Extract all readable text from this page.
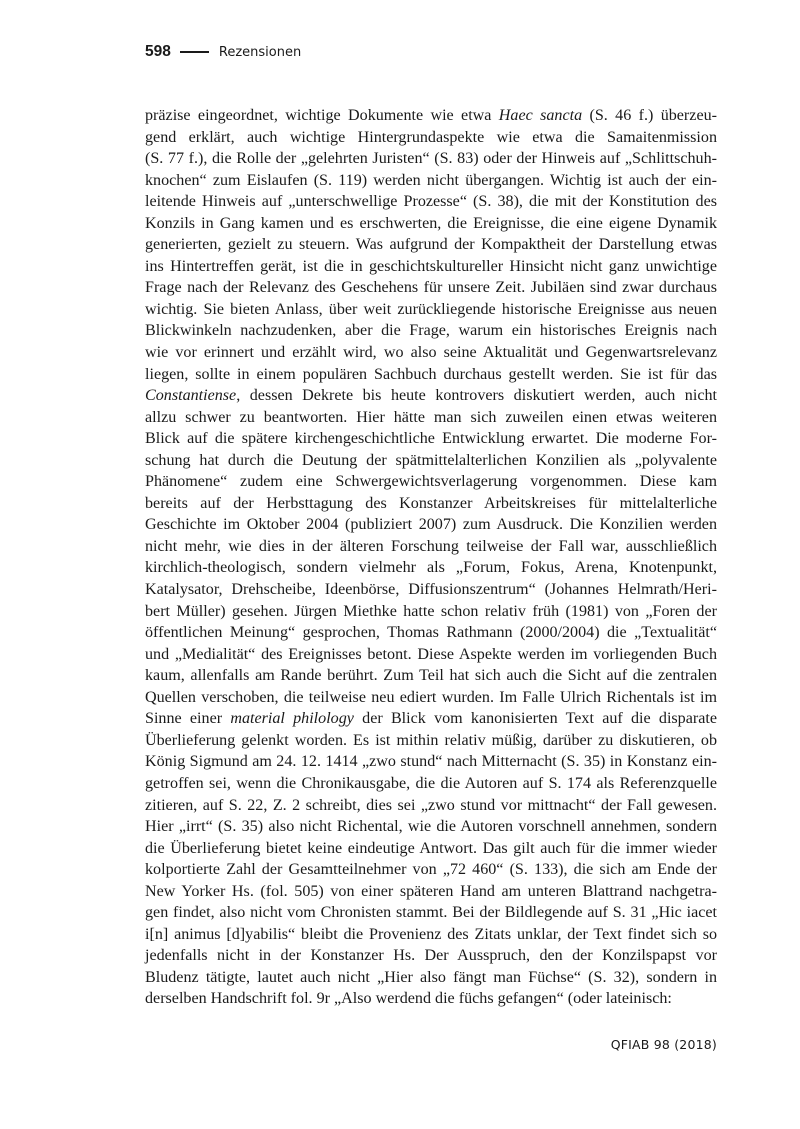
598	Rezensionen
präzise eingeordnet, wichtige Dokumente wie etwa Haec sancta (S. 46 f.) überzeu-
gend erklärt, auch wichtige Hintergrundaspekte wie etwa die Samaitenmission
(S. 77 f.), die Rolle der „gelehrten Juristen“ (S. 83) oder der Hinweis auf „Schlittschuh-
knochen“ zum Eislaufen (S. 119) werden nicht übergangen. Wichtig ist auch der ein-
leitende Hinweis auf „unterschwellige Prozesse“ (S. 38), die mit der Konstitution des
Konzils in Gang kamen und es erschwerten, die Ereignisse, die eine eigene Dynamik
generierten, gezielt zu steuern. Was aufgrund der Kompaktheit der Darstellung etwas
ins Hintertreffen gerät, ist die in geschichtskultureller Hinsicht nicht ganz unwichtige
Frage nach der Relevanz des Geschehens für unsere Zeit. Jubiläen sind zwar durchaus
wichtig. Sie bieten Anlass, über weit zurückliegende historische Ereignisse aus neuen
Blickwinkeln nachzudenken, aber die Frage, warum ein historisches Ereignis nach
wie vor erinnert und erzählt wird, wo also seine Aktualität und Gegenwartsrelevanz
liegen, sollte in einem populären Sachbuch durchaus gestellt werden. Sie ist für das
Constantiense, dessen Dekrete bis heute kontrovers diskutiert werden, auch nicht
allzu schwer zu beantworten. Hier hätte man sich zuweilen einen etwas weiteren
Blick auf die spätere kirchengeschichtliche Entwicklung erwartet. Die moderne For-
schung hat durch die Deutung der spätmittelalterlichen Konzilien als „polyvalente
Phänomene“ zudem eine Schwergewichtsverlagerung vorgenommen. Diese kam
bereits auf der Herbsttagung des Konstanzer Arbeitskreises für mittelalterliche
Geschichte im Oktober 2004 (publiziert 2007) zum Ausdruck. Die Konzilien werden
nicht mehr, wie dies in der älteren Forschung teilweise der Fall war, ausschließlich
kirchlich-theologisch, sondern vielmehr als „Forum, Fokus, Arena, Knotenpunkt,
Katalysator, Drehscheibe, Ideenbörse, Diffusionszentrum“ (Johannes Helmrath/Heri-
bert Müller) gesehen. Jürgen Miethke hatte schon relativ früh (1981) von „Foren der
öffentlichen Meinung“ gesprochen, Thomas Rathmann (2000/2004) die „Textualität“
und „Medialität“ des Ereignisses betont. Diese Aspekte werden im vorliegenden Buch
kaum, allenfalls am Rande berührt. Zum Teil hat sich auch die Sicht auf die zentralen
Quellen verschoben, die teilweise neu ediert wurden. Im Falle Ulrich Richentals ist im
Sinne einer material philology der Blick vom kanonisierten Text auf die disparate
Überlieferung gelenkt worden. Es ist mithin relativ müßig, darüber zu diskutieren, ob
König Sigmund am 24. 12. 1414 „zwo stund“ nach Mitternacht (S. 35) in Konstanz ein-
getroffen sei, wenn die Chronikausgabe, die die Autoren auf S. 174 als Referenzquelle
zitieren, auf S. 22, Z. 2 schreibt, dies sei „zwo stund vor mittnacht“ der Fall gewesen.
Hier „irrt“ (S. 35) also nicht Richental, wie die Autoren vorschnell annehmen, sondern
die Überlieferung bietet keine eindeutige Antwort. Das gilt auch für die immer wieder
kolportierte Zahl der Gesamtteilnehmer von „72 460“ (S. 133), die sich am Ende der
New Yorker Hs. (fol. 505) von einer späteren Hand am unteren Blattrand nachgetra-
gen findet, also nicht vom Chronisten stammt. Bei der Bildlegende auf S. 31 „Hic iacet
i[n] animus [d]yabilis“ bleibt die Provenienz des Zitats unklar, der Text findet sich so
jedenfalls nicht in der Konstanzer Hs. Der Ausspruch, den der Konzilspapst vor
Bludenz tätigte, lautet auch nicht „Hier also fängt man Füchse“ (S. 32), sondern in
derselben Handschrift fol. 9r „Also werdend die füchs gefangen“ (oder lateinisch:
QFIAB 98 (2018)
